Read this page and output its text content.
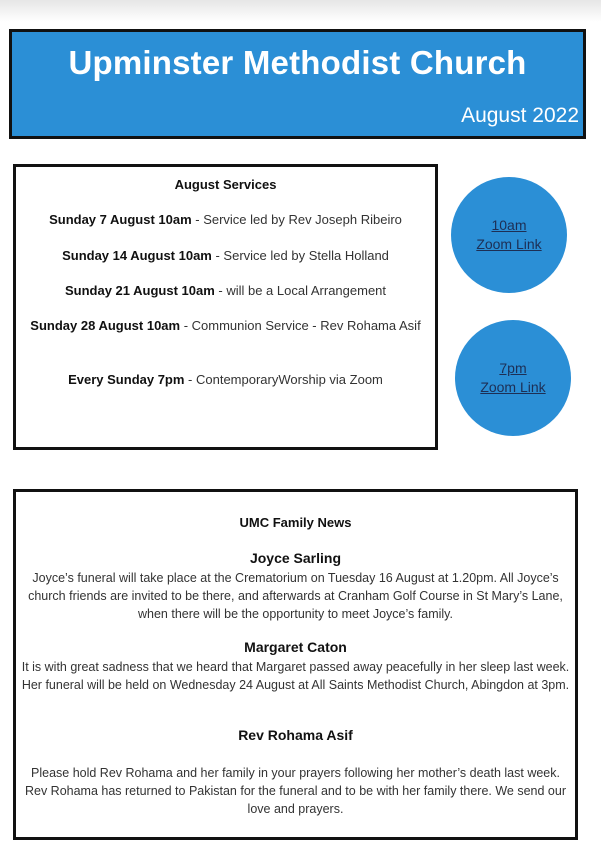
Upminster Methodist Church
August 2022
August Services
Sunday 7 August 10am - Service led by Rev Joseph Ribeiro
Sunday 14 August 10am - Service led by Stella Holland
Sunday 21 August 10am - will be a Local Arrangement
Sunday 28 August 10am - Communion Service - Rev Rohama Asif
Every Sunday 7pm - ContemporaryWorship via Zoom
10am
Zoom Link
7pm
Zoom Link
UMC Family News
Joyce Sarling
Joyce’s funeral will take place at the Crematorium on Tuesday 16 August at 1.20pm. All Joyce’s church friends are invited to be there, and afterwards at Cranham Golf Course in St Mary’s Lane, when there will be the opportunity to meet Joyce’s family.
Margaret Caton
It is with great sadness that we heard that Margaret passed away peacefully in her sleep last week. Her funeral will be held on Wednesday 24 August at All Saints Methodist Church, Abingdon at 3pm.
Rev Rohama Asif
Please hold Rev Rohama and her family in your prayers following her mother’s death last week. Rev Rohama has returned to Pakistan for the funeral and to be with her family there. We send our love and prayers.
